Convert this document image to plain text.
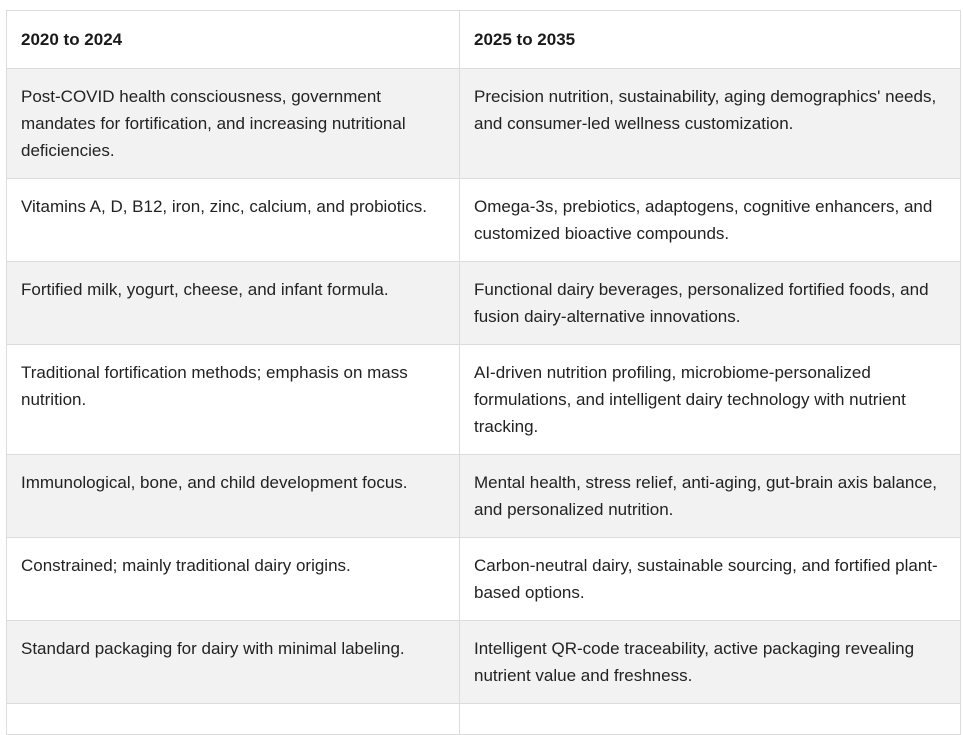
2020 to 2024	2025 to 2035
Post-COVID health consciousness, government mandates for fortification, and increasing nutritional deficiencies.	Precision nutrition, sustainability, aging demographics' needs, and consumer-led wellness customization.
Vitamins A, D, B12, iron, zinc, calcium, and probiotics.	Omega-3s, prebiotics, adaptogens, cognitive enhancers, and customized bioactive compounds.
Fortified milk, yogurt, cheese, and infant formula.	Functional dairy beverages, personalized fortified foods, and fusion dairy-alternative innovations.
Traditional fortification methods; emphasis on mass nutrition.	AI-driven nutrition profiling, microbiome-personalized formulations, and intelligent dairy technology with nutrient tracking.
Immunological, bone, and child development focus.	Mental health, stress relief, anti-aging, gut-brain axis balance, and personalized nutrition.
Constrained; mainly traditional dairy origins.	Carbon-neutral dairy, sustainable sourcing, and fortified plant-based options.
Standard packaging for dairy with minimal labeling.	Intelligent QR-code traceability, active packaging revealing nutrient value and freshness.
